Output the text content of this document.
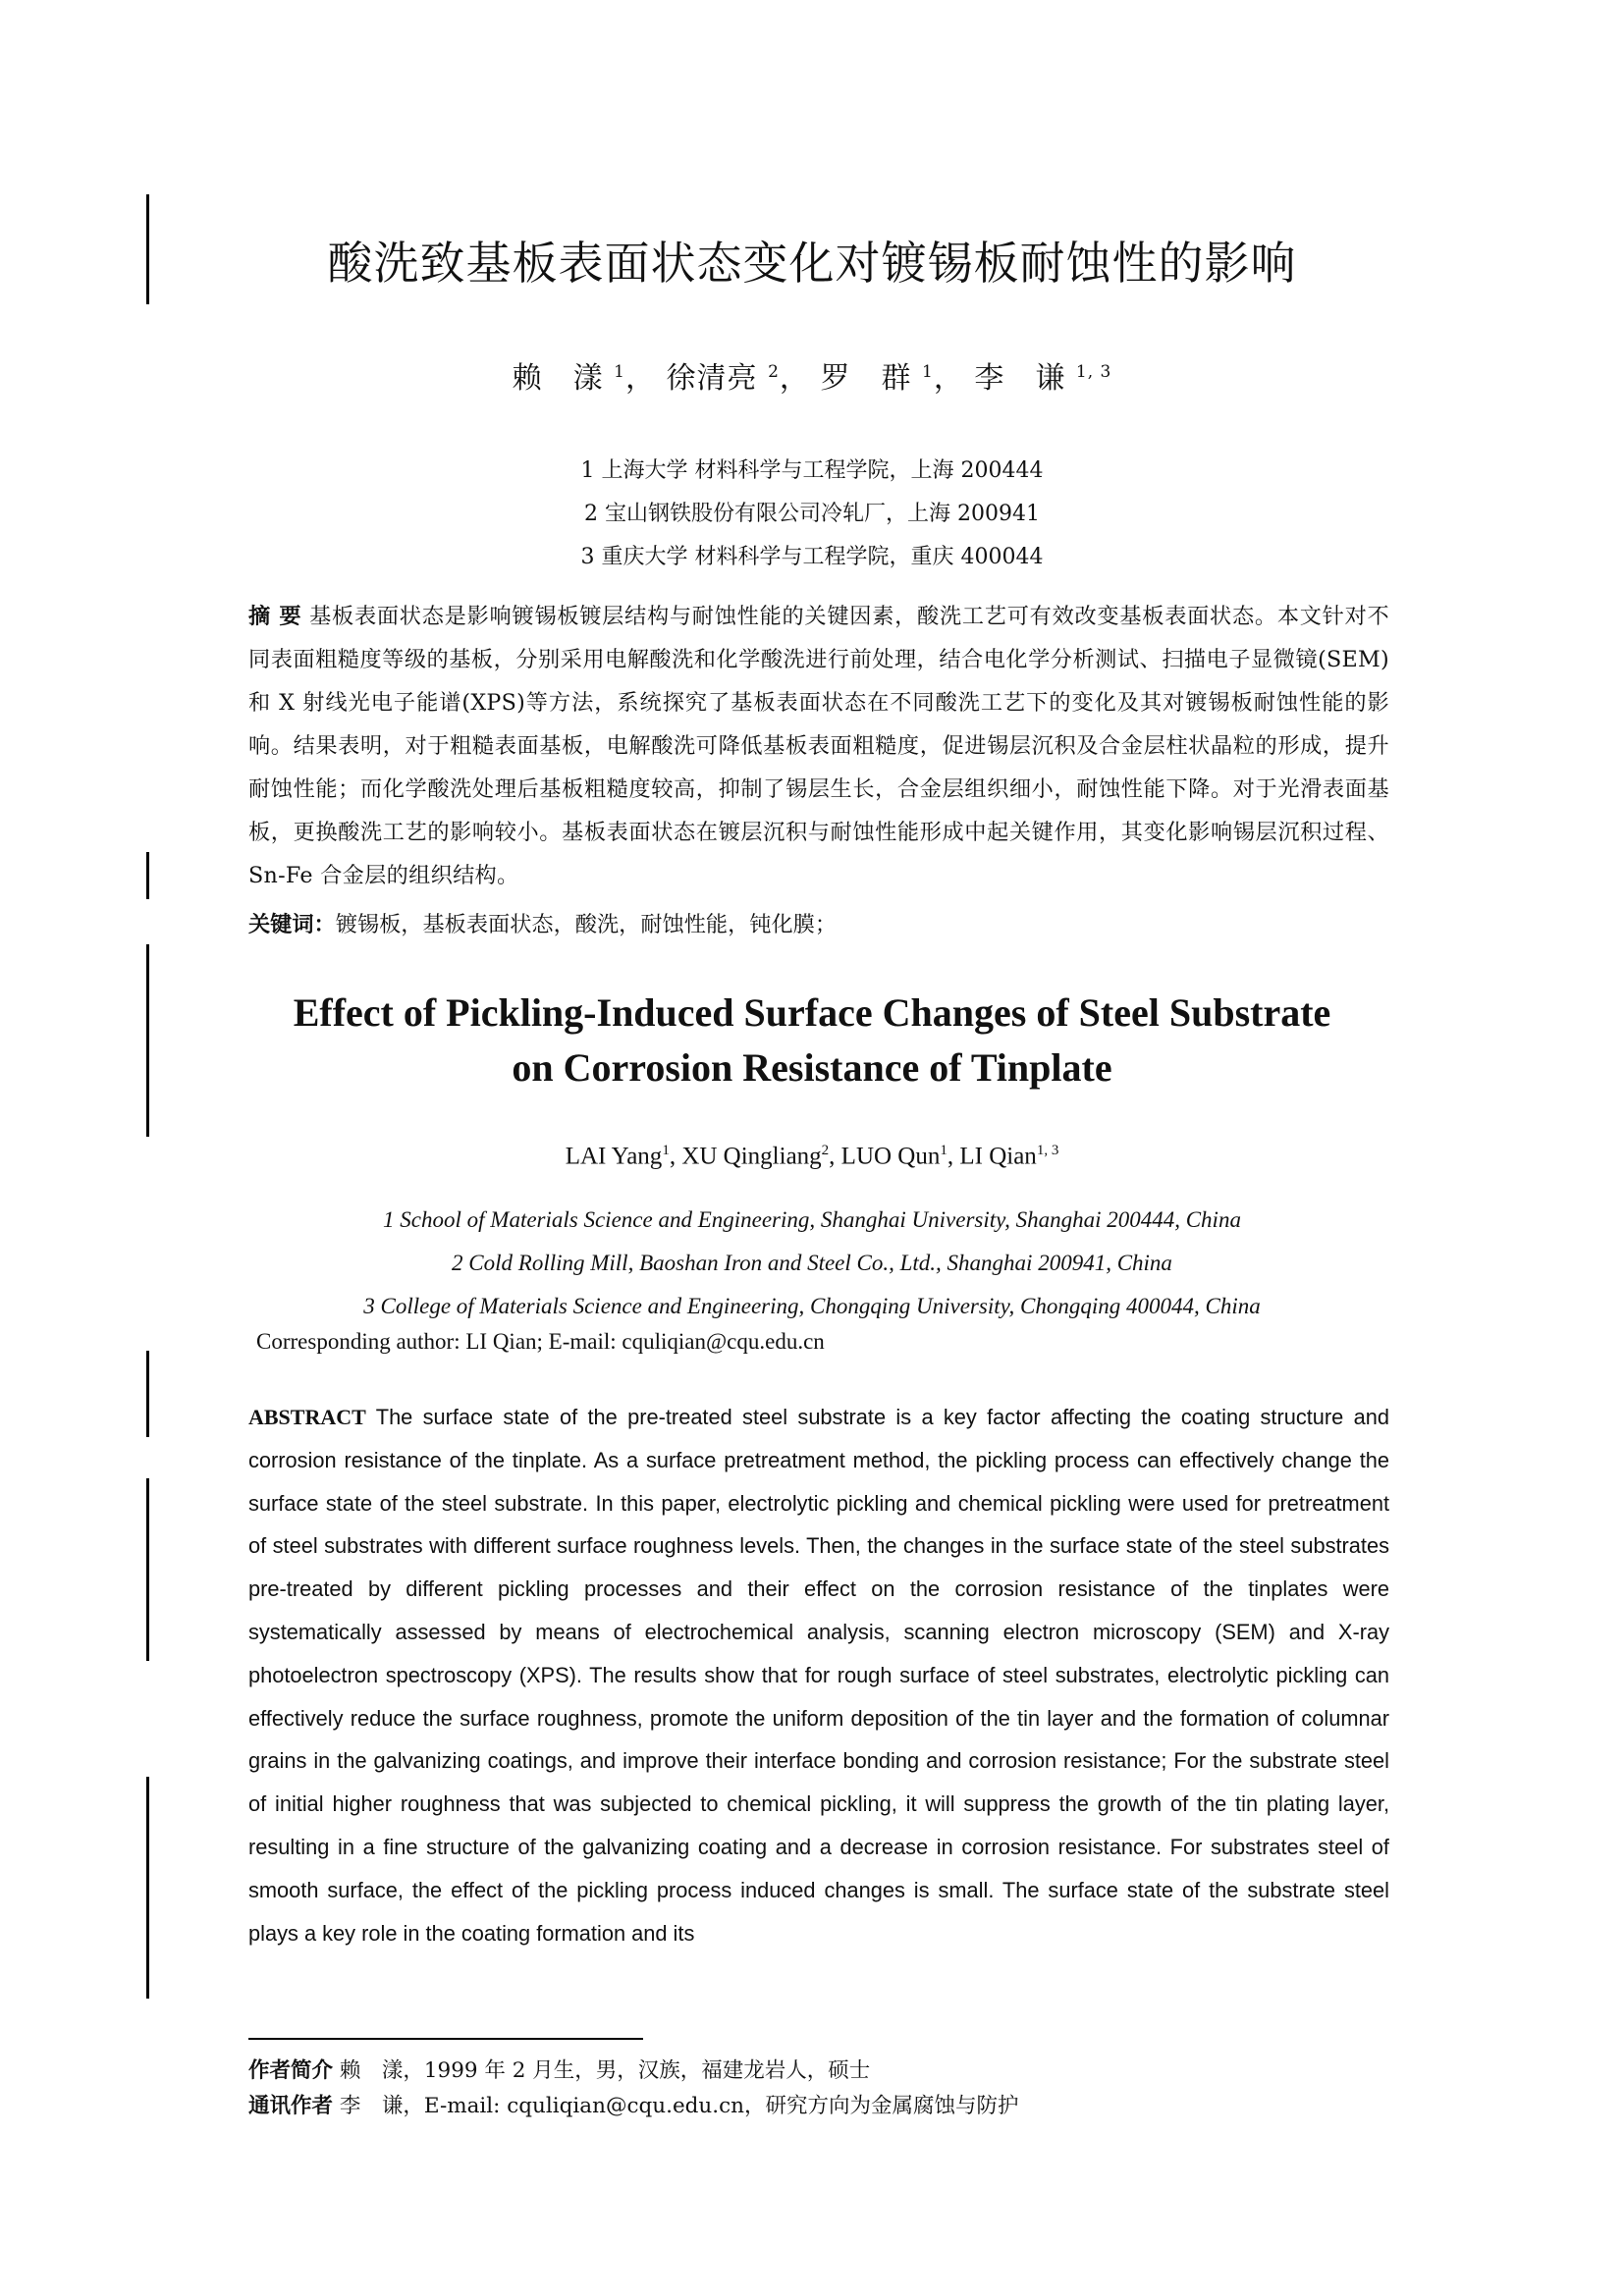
酸洗致基板表面状态变化对镀锡板耐蚀性的影响
赖　漾 $^1$， 徐清亮 $^2$， 罗　群 $^1$， 李　谦 $^{1, 3}$
1 上海大学 材料科学与工程学院，上海 200444
2 宝山钢铁股份有限公司冷轧厂，上海 200941
3 重庆大学 材料科学与工程学院，重庆 400044
摘 要 基板表面状态是影响镀锡板镀层结构与耐蚀性能的关键因素，酸洗工艺可有效改变基板表面状态。本文针对不同表面粗糙度等级的基板，分别采用电解酸洗和化学酸洗进行前处理，结合电化学分析测试、扫描电子显微镜(SEM)和 X 射线光电子能谱(XPS)等方法，系统探究了基板表面状态在不同酸洗工艺下的变化及其对镀锡板耐蚀性能的影响。结果表明，对于粗糙表面基板，电解酸洗可降低基板表面粗糙度，促进锡层沉积及合金层柱状晶粒的形成，提升耐蚀性能；而化学酸洗处理后基板粗糙度较高，抑制了锡层生长，合金层组织细小，耐蚀性能下降。对于光滑表面基板，更换酸洗工艺的影响较小。基板表面状态在镀层沉积与耐蚀性能形成中起关键作用，其变化影响锡层沉积过程、Sn-Fe 合金层的组织结构。
关键词：镀锡板，基板表面状态，酸洗，耐蚀性能，钝化膜；
Effect of Pickling-Induced Surface Changes of Steel Substrate
on Corrosion Resistance of Tinplate
LAI Yang$^1$, XU Qingliang$^2$, LUO Qun$^1$, LI Qian$^{1, 3}$
1 School of Materials Science and Engineering, Shanghai University, Shanghai 200444, China
2 Cold Rolling Mill, Baoshan Iron and Steel Co., Ltd., Shanghai 200941, China
3 College of Materials Science and Engineering, Chongqing University, Chongqing 400044, China
Corresponding author: LI Qian; E-mail: cquliqian@cqu.edu.cn
ABSTRACT The surface state of the pre-treated steel substrate is a key factor affecting the coating structure and corrosion resistance of the tinplate. As a surface pretreatment method, the pickling process can effectively change the surface state of the steel substrate. In this paper, electrolytic pickling and chemical pickling were used for pretreatment of steel substrates with different surface roughness levels. Then, the changes in the surface state of the steel substrates pre-treated by different pickling processes and their effect on the corrosion resistance of the tinplates were systematically assessed by means of electrochemical analysis, scanning electron microscopy (SEM) and X-ray photoelectron spectroscopy (XPS). The results show that for rough surface of steel substrates, electrolytic pickling can effectively reduce the surface roughness, promote the uniform deposition of the tin layer and the formation of columnar grains in the galvanizing coatings, and improve their interface bonding and corrosion resistance; For the substrate steel of initial higher roughness that was subjected to chemical pickling, it will suppress the growth of the tin plating layer, resulting in a fine structure of the galvanizing coating and a decrease in corrosion resistance. For substrates steel of smooth surface, the effect of the pickling process induced changes is small. The surface state of the substrate steel plays a key role in the coating formation and its
作者简介 赖　漾，1999 年 2 月生，男，汉族，福建龙岩人，硕士
通讯作者 李　谦，E-mail: cquliqian@cqu.edu.cn，研究方向为金属腐蚀与防护
